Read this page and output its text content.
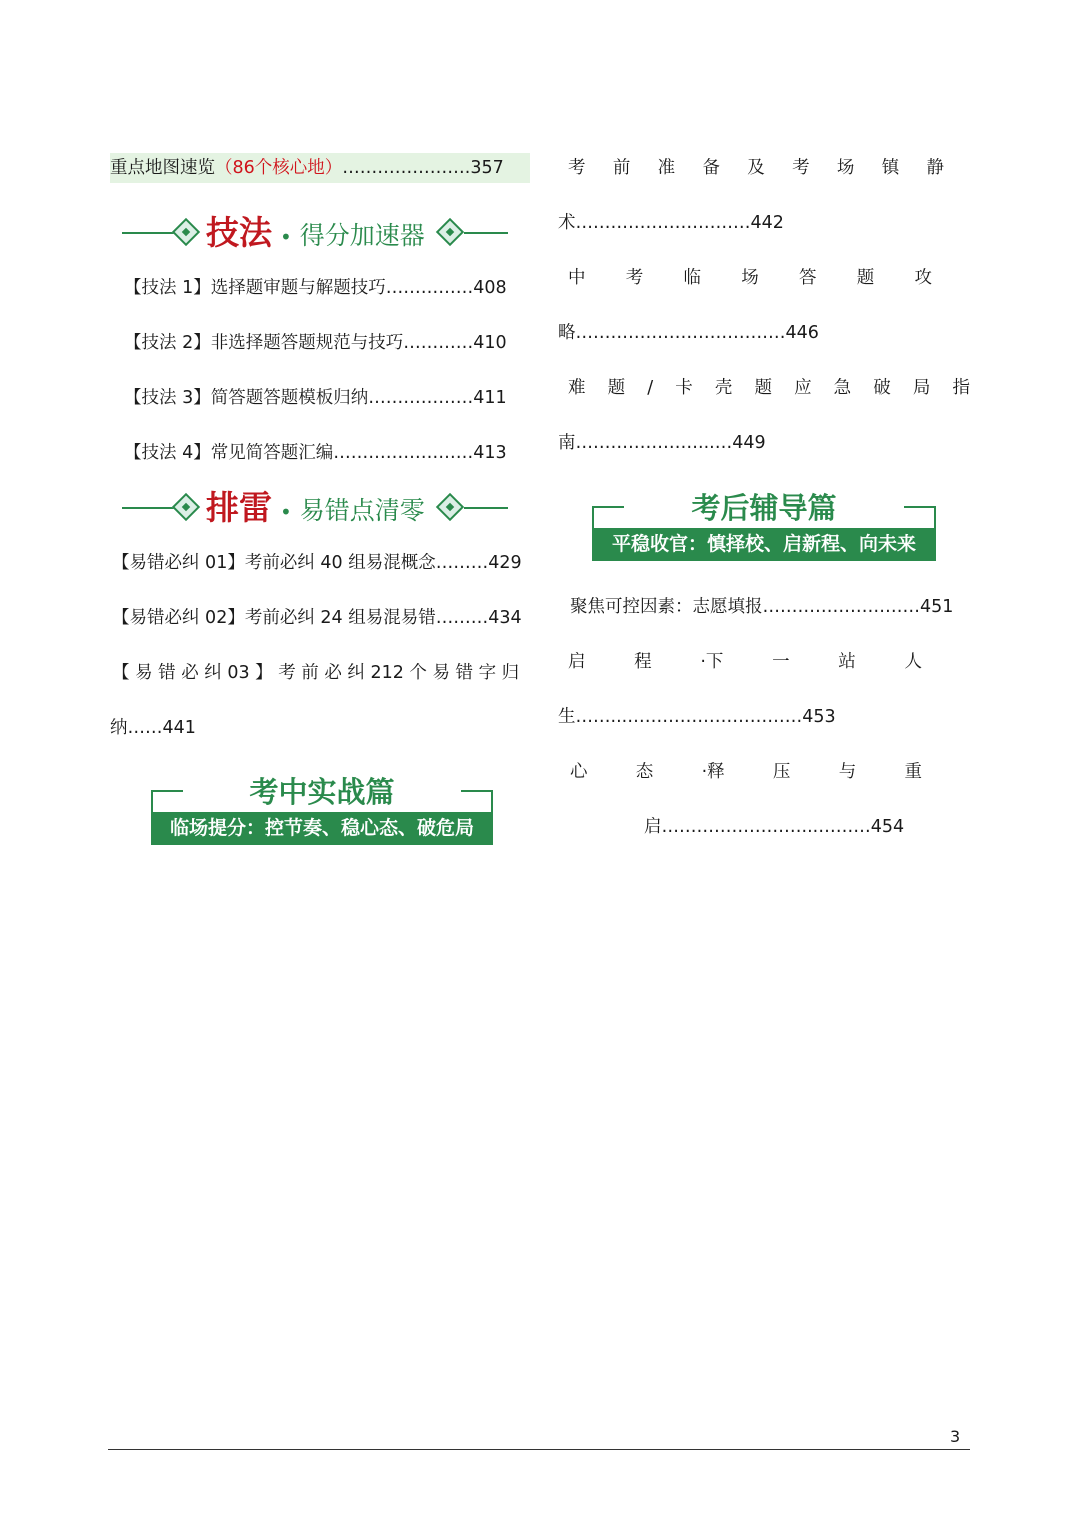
重点地图速览（86个核心地）………………….357
技法 • 得分加速器
【技法 1】选择题审题与解题技巧……………408
【技法 2】非选择题答题规范与技巧…………410
【技法 3】简答题答题模板归纳………………411
【技法 4】常见简答题汇编……………………413
排雷 • 易错点清零
【易错必纠 01】考前必纠 40 组易混概念………429
【易错必纠 02】考前必纠 24 组易混易错………434
【 易 错 必 纠 03 】 考 前 必 纠 212 个 易 错 字 归
纳……441
考中实战篇
临场提分：控节奏、稳心态、破危局
考 前 准 备 及 考 场 镇 静
术…………………………442
中 考 临 场 答 题 攻
略………………………………446
难 题 / 卡 壳 题 应 急 破 局 指
南…………………...…449
考后辅导篇
平稳收官：慎择校、启新程、向未来
聚焦可控因素：志愿填报………………………451
启	程	·下	一	站	人
生……...…………………………453
心	态	·释	压	与	重
启……………………...………454
3
